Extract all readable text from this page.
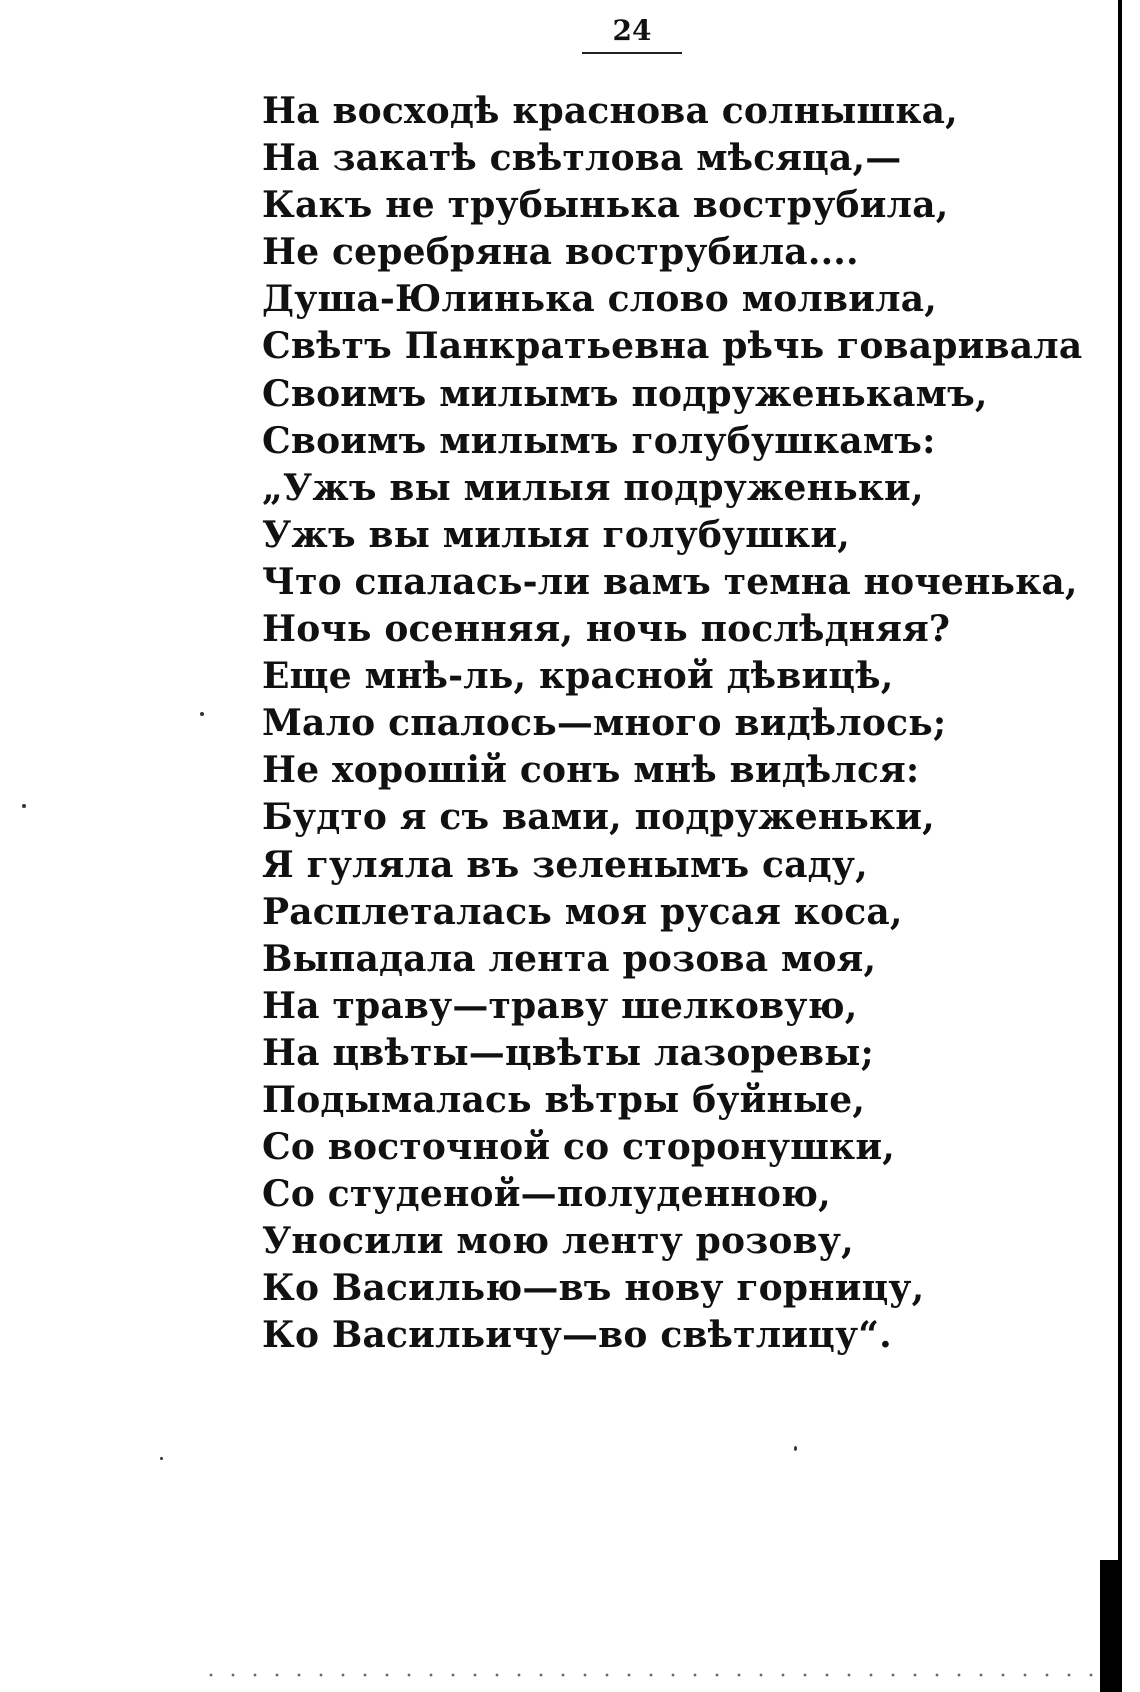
24
На восходѣ краснова солнышка,
На закатѣ свѣтлова мѣсяца,—
Какъ не трубынька вострубила,
Не серебряна вострубила....
Душа-Юлинька слово молвила,
Свѣтъ Панкратьевна рѣчь говаривала
Своимъ милымъ подруженькамъ,
Своимъ милымъ голубушкамъ:
„Ужъ вы милыя подруженьки,
Ужъ вы милыя голубушки,
Что спалась-ли вамъ темна ноченька,
Ночь осенняя, ночь послѣдняя?
Еще мнѣ-ль, красной дѣвицѣ,
Мало спалось—много видѣлось;
Не хорошій сонъ мнѣ видѣлся:
Будто я съ вами, подруженьки,
Я гуляла въ зеленымъ саду,
Расплеталась моя русая коса,
Выпадала лента розова моя,
На траву—траву шелковую,
На цвѣты—цвѣты лазоревы;
Подымалась вѣтры буйные,
Со восточной со сторонушки,
Со студеной—полуденною,
Уносили мою ленту розову,
Ко Василью—въ нову горницу,
Ко Васильичу—во свѣтлицу“.
